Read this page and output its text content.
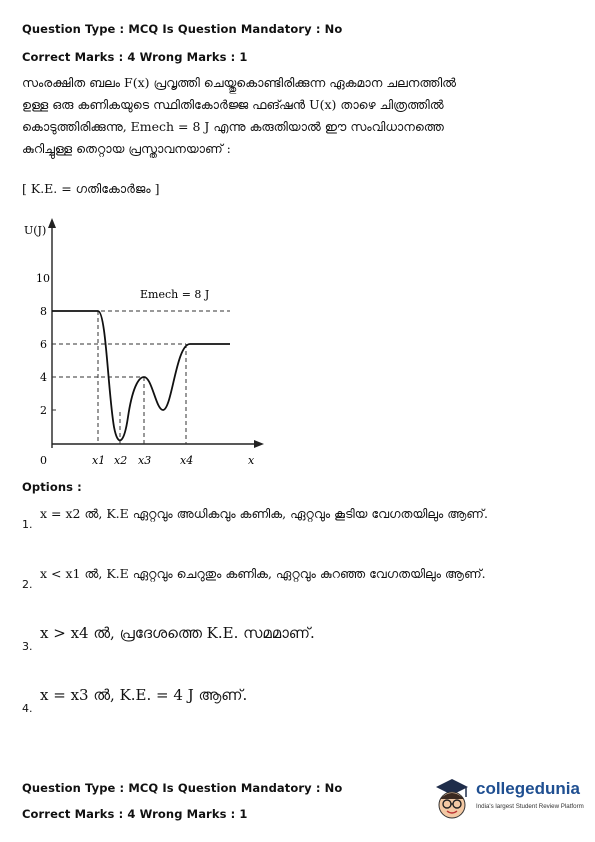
Question Type : MCQ Is Question Mandatory : No
Correct Marks : 4 Wrong Marks : 1
സംരക്ഷിത ബലം F(x) പ്രവൃത്തി ചെയ്തുകൊണ്ടിരിക്കുന്ന ഏകമാന ചലനത്തിൽ ഉള്ള ഒരു കണികയുടെ സ്ഥിതികോർജ്ജ ഫങ്ഷൻ U(x) താഴെ ചിത്രത്തിൽ കൊടുത്തിരിക്കുന്നു, Emech = 8 J എന്നു കരുതിയാൽ ഈ സംവിധാനത്തെ കുറിച്ചുള്ള തെറ്റായ പ്രസ്താവനയാണ് :
[ K.E. = ഗതികോർജം ]
U(J)
10
8
6
4
2
Emech = 8 J
0	x1 x2 x3	x4	x
Options :
1.
x = x2 ൽ, K.E ഏറ്റവും അധികവും കണിക, ഏറ്റവും കൂടിയ വേഗതയിലും ആണ്.
2.
x < x1 ൽ, K.E ഏറ്റവും ചെറുതും കണിക, ഏറ്റവും കുറഞ്ഞ വേഗതയിലും ആണ്.
3.
x > x4 ൽ, പ്രദേശത്തെ K.E. സമമാണ്.
4.
x = x3 ൽ, K.E. = 4 J ആണ്.
Question Type : MCQ Is Question Mandatory : No
Correct Marks : 4 Wrong Marks : 1
collegedunia
India's largest Student Review Platform
